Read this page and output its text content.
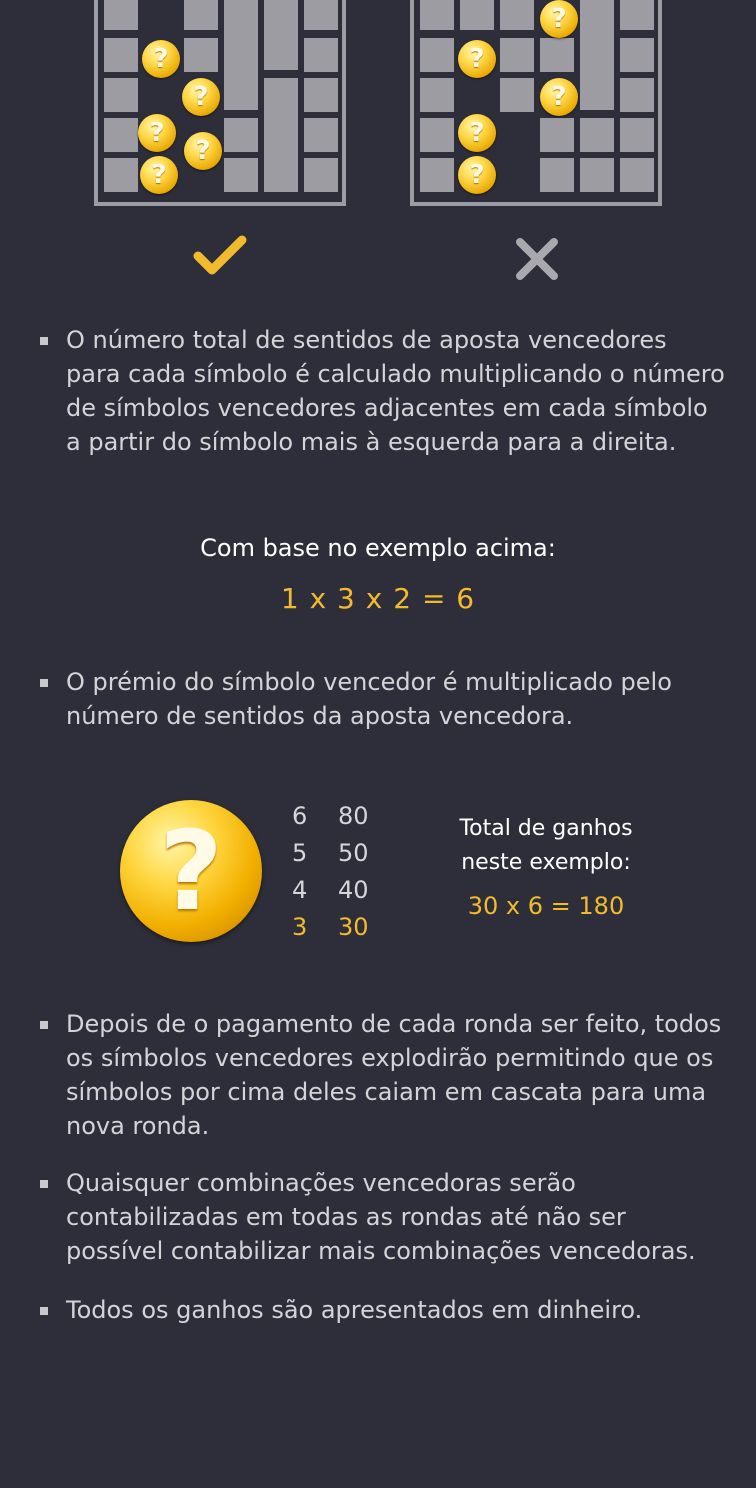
?
?
?
?
?
?
?
?
?
?
O número total de sentidos de aposta vencedores para cada símbolo é calculado multiplicando o número de símbolos vencedores adjacentes em cada símbolo a partir do símbolo mais à esquerda para a direita.
Com base no exemplo acima:
1 x 3 x 2 = 6
O prémio do símbolo vencedor é multiplicado pelo número de sentidos da aposta vencedora.
?	6	80
5	50
4	40
3	30
Total de ganhos
neste exemplo:
30 x 6 = 180
Depois de o pagamento de cada ronda ser feito, todos os símbolos vencedores explodirão permitindo que os símbolos por cima deles caiam em cascata para uma nova ronda.
Quaisquer combinações vencedoras serão contabilizadas em todas as rondas até não ser possível contabilizar mais combinações vencedoras.
Todos os ganhos são apresentados em dinheiro.
